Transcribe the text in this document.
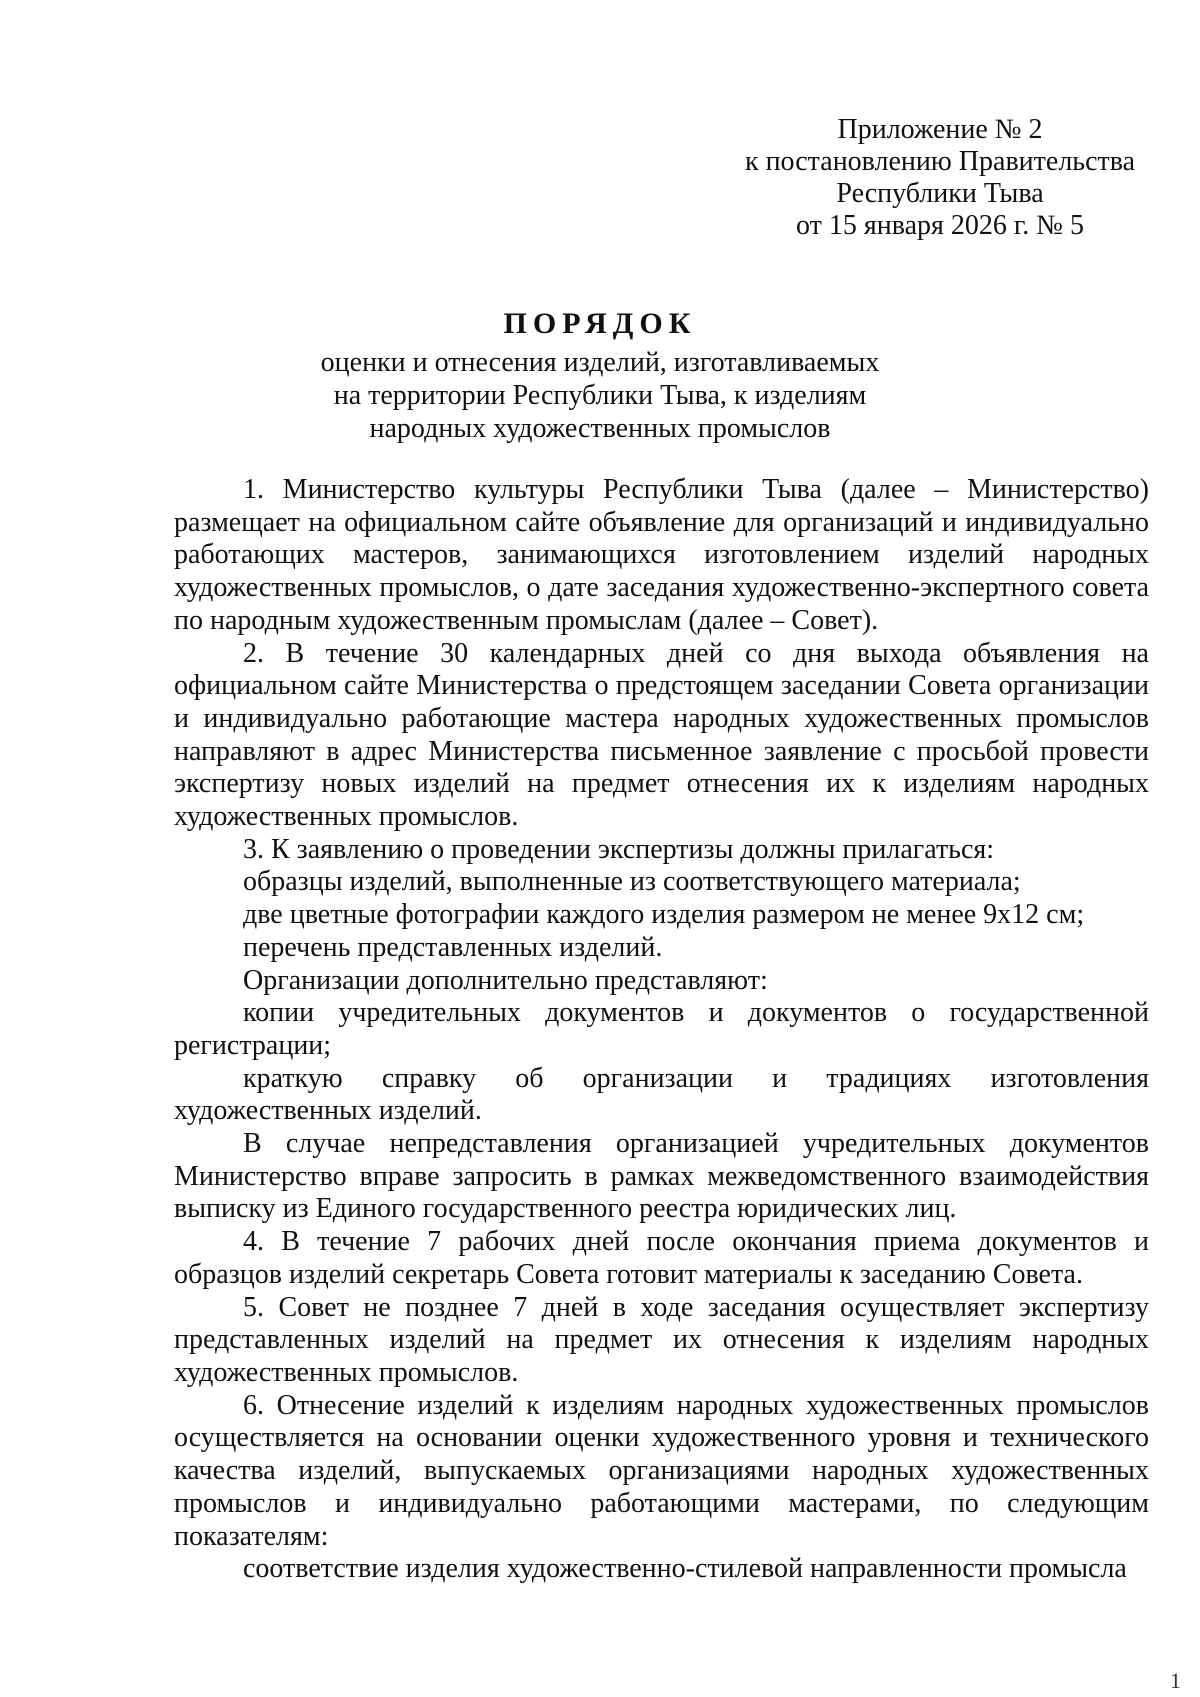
Приложение № 2
к постановлению Правительства
Республики Тыва
от 15 января 2026 г. № 5
ПОРЯДОК
оценки и отнесения изделий, изготавливаемых
на территории Республики Тыва, к изделиям
народных художественных промыслов

1. Министерство культуры Республики Тыва (далее – Министерство) размещает на официальном сайте объявление для организаций и индивидуально работающих мастеров, занимающихся изготовлением изделий народных художественных промыслов, о дате заседания художественно-экспертного совета по народным художественным промыслам (далее – Совет).

2. В течение 30 календарных дней со дня выхода объявления на официальном сайте Министерства о предстоящем заседании Совета организации и индивидуально работающие мастера народных художественных промыслов направляют в адрес Министерства письменное заявление с просьбой провести экспертизу новых изделий на предмет отнесения их к изделиям народных художественных промыслов.

3. К заявлению о проведении экспертизы должны прилагаться:

образцы изделий, выполненные из соответствующего материала;

две цветные фотографии каждого изделия размером не менее 9x12 см;

перечень представленных изделий.

Организации дополнительно представляют:

копии учредительных документов и документов о государственной регистрации;

краткую справку об организации и традициях изготовления художественных изделий.

В случае непредставления организацией учредительных документов Министерство вправе запросить в рамках межведомственного взаимодействия выписку из Единого государственного реестра юридических лиц.

4. В течение 7 рабочих дней после окончания приема документов и образцов изделий секретарь Совета готовит материалы к заседанию Совета.

5. Совет не позднее 7 дней в ходе заседания осуществляет экспертизу представленных изделий на предмет их отнесения к изделиям народных художественных промыслов.

6. Отнесение изделий к изделиям народных художественных промыслов осуществляется на основании оценки художественного уровня и технического качества изделий, выпускаемых организациями народных художественных промыслов и индивидуально работающими мастерами, по следующим показателям:

соответствие изделия художественно-стилевой направленности промысла

1
